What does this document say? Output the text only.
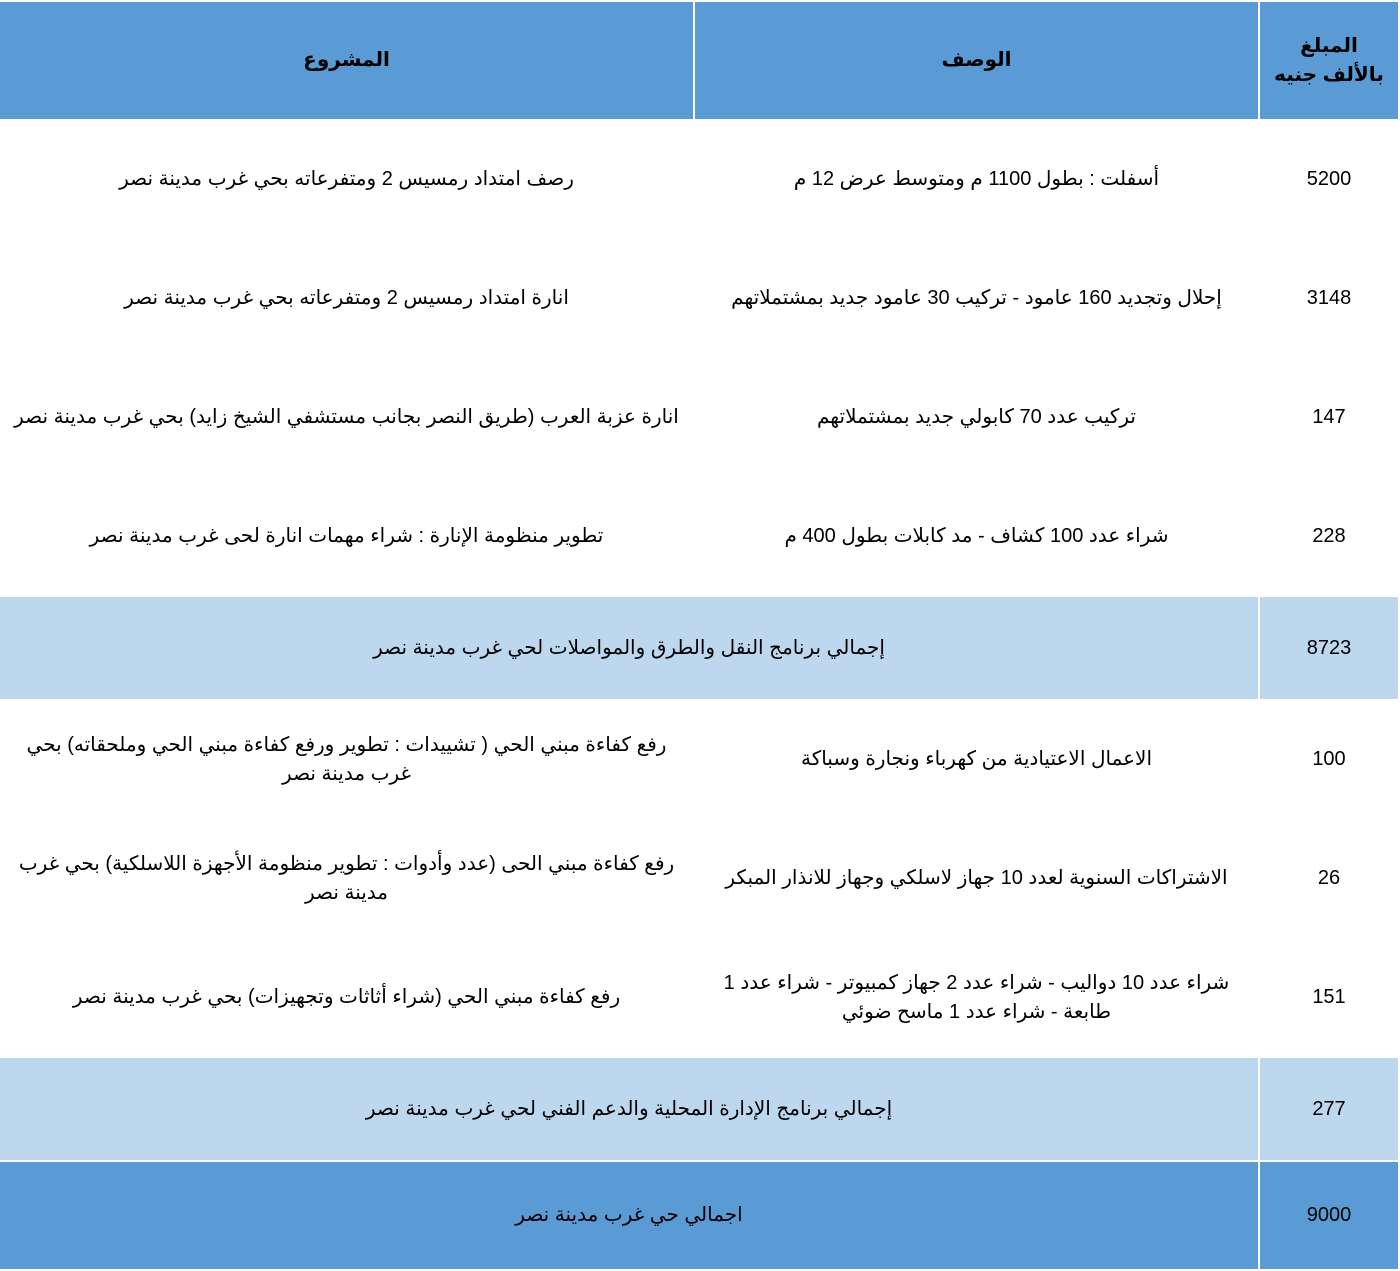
المبلغ
بالألف جنيه	الوصف	المشروع
5200	أسفلت : بطول 1100 م ومتوسط عرض 12 م	رصف امتداد رمسيس 2 ومتفرعاته بحي غرب مدينة نصر
3148	إحلال وتجديد 160 عامود - تركيب 30 عامود جديد بمشتملاتهم	انارة امتداد رمسيس 2 ومتفرعاته بحي غرب مدينة نصر
147	تركيب عدد 70 كابولي جديد بمشتملاتهم	انارة عزبة العرب (طريق النصر بجانب مستشفي الشيخ زايد) بحي غرب مدينة نصر
228	شراء عدد 100 كشاف - مد كابلات بطول 400 م	تطوير منظومة الإنارة : شراء مهمات انارة لحى غرب مدينة نصر
8723	إجمالي برنامج النقل والطرق والمواصلات لحي غرب مدينة نصر	
100	الاعمال الاعتيادية من كهرباء ونجارة وسباكة	رفع كفاءة مبني الحي ( تشييدات : تطوير ورفع كفاءة مبني الحي وملحقاته) بحي غرب مدينة نصر
26	الاشتراكات السنوية لعدد 10 جهاز لاسلكي وجهاز للانذار المبكر	رفع كفاءة مبني الحى (عدد وأدوات : تطوير منظومة الأجهزة اللاسلكية) بحي غرب مدينة نصر
151	شراء عدد 10 دواليب - شراء عدد 2 جهاز كمبيوتر - شراء عدد 1 طابعة - شراء عدد 1 ماسح ضوئي	رفع كفاءة مبني الحي (شراء أثاثات وتجهيزات) بحي غرب مدينة نصر
277	إجمالي برنامج الإدارة المحلية والدعم الفني لحي غرب مدينة نصر	
9000	اجمالي حي غرب مدينة نصر	
